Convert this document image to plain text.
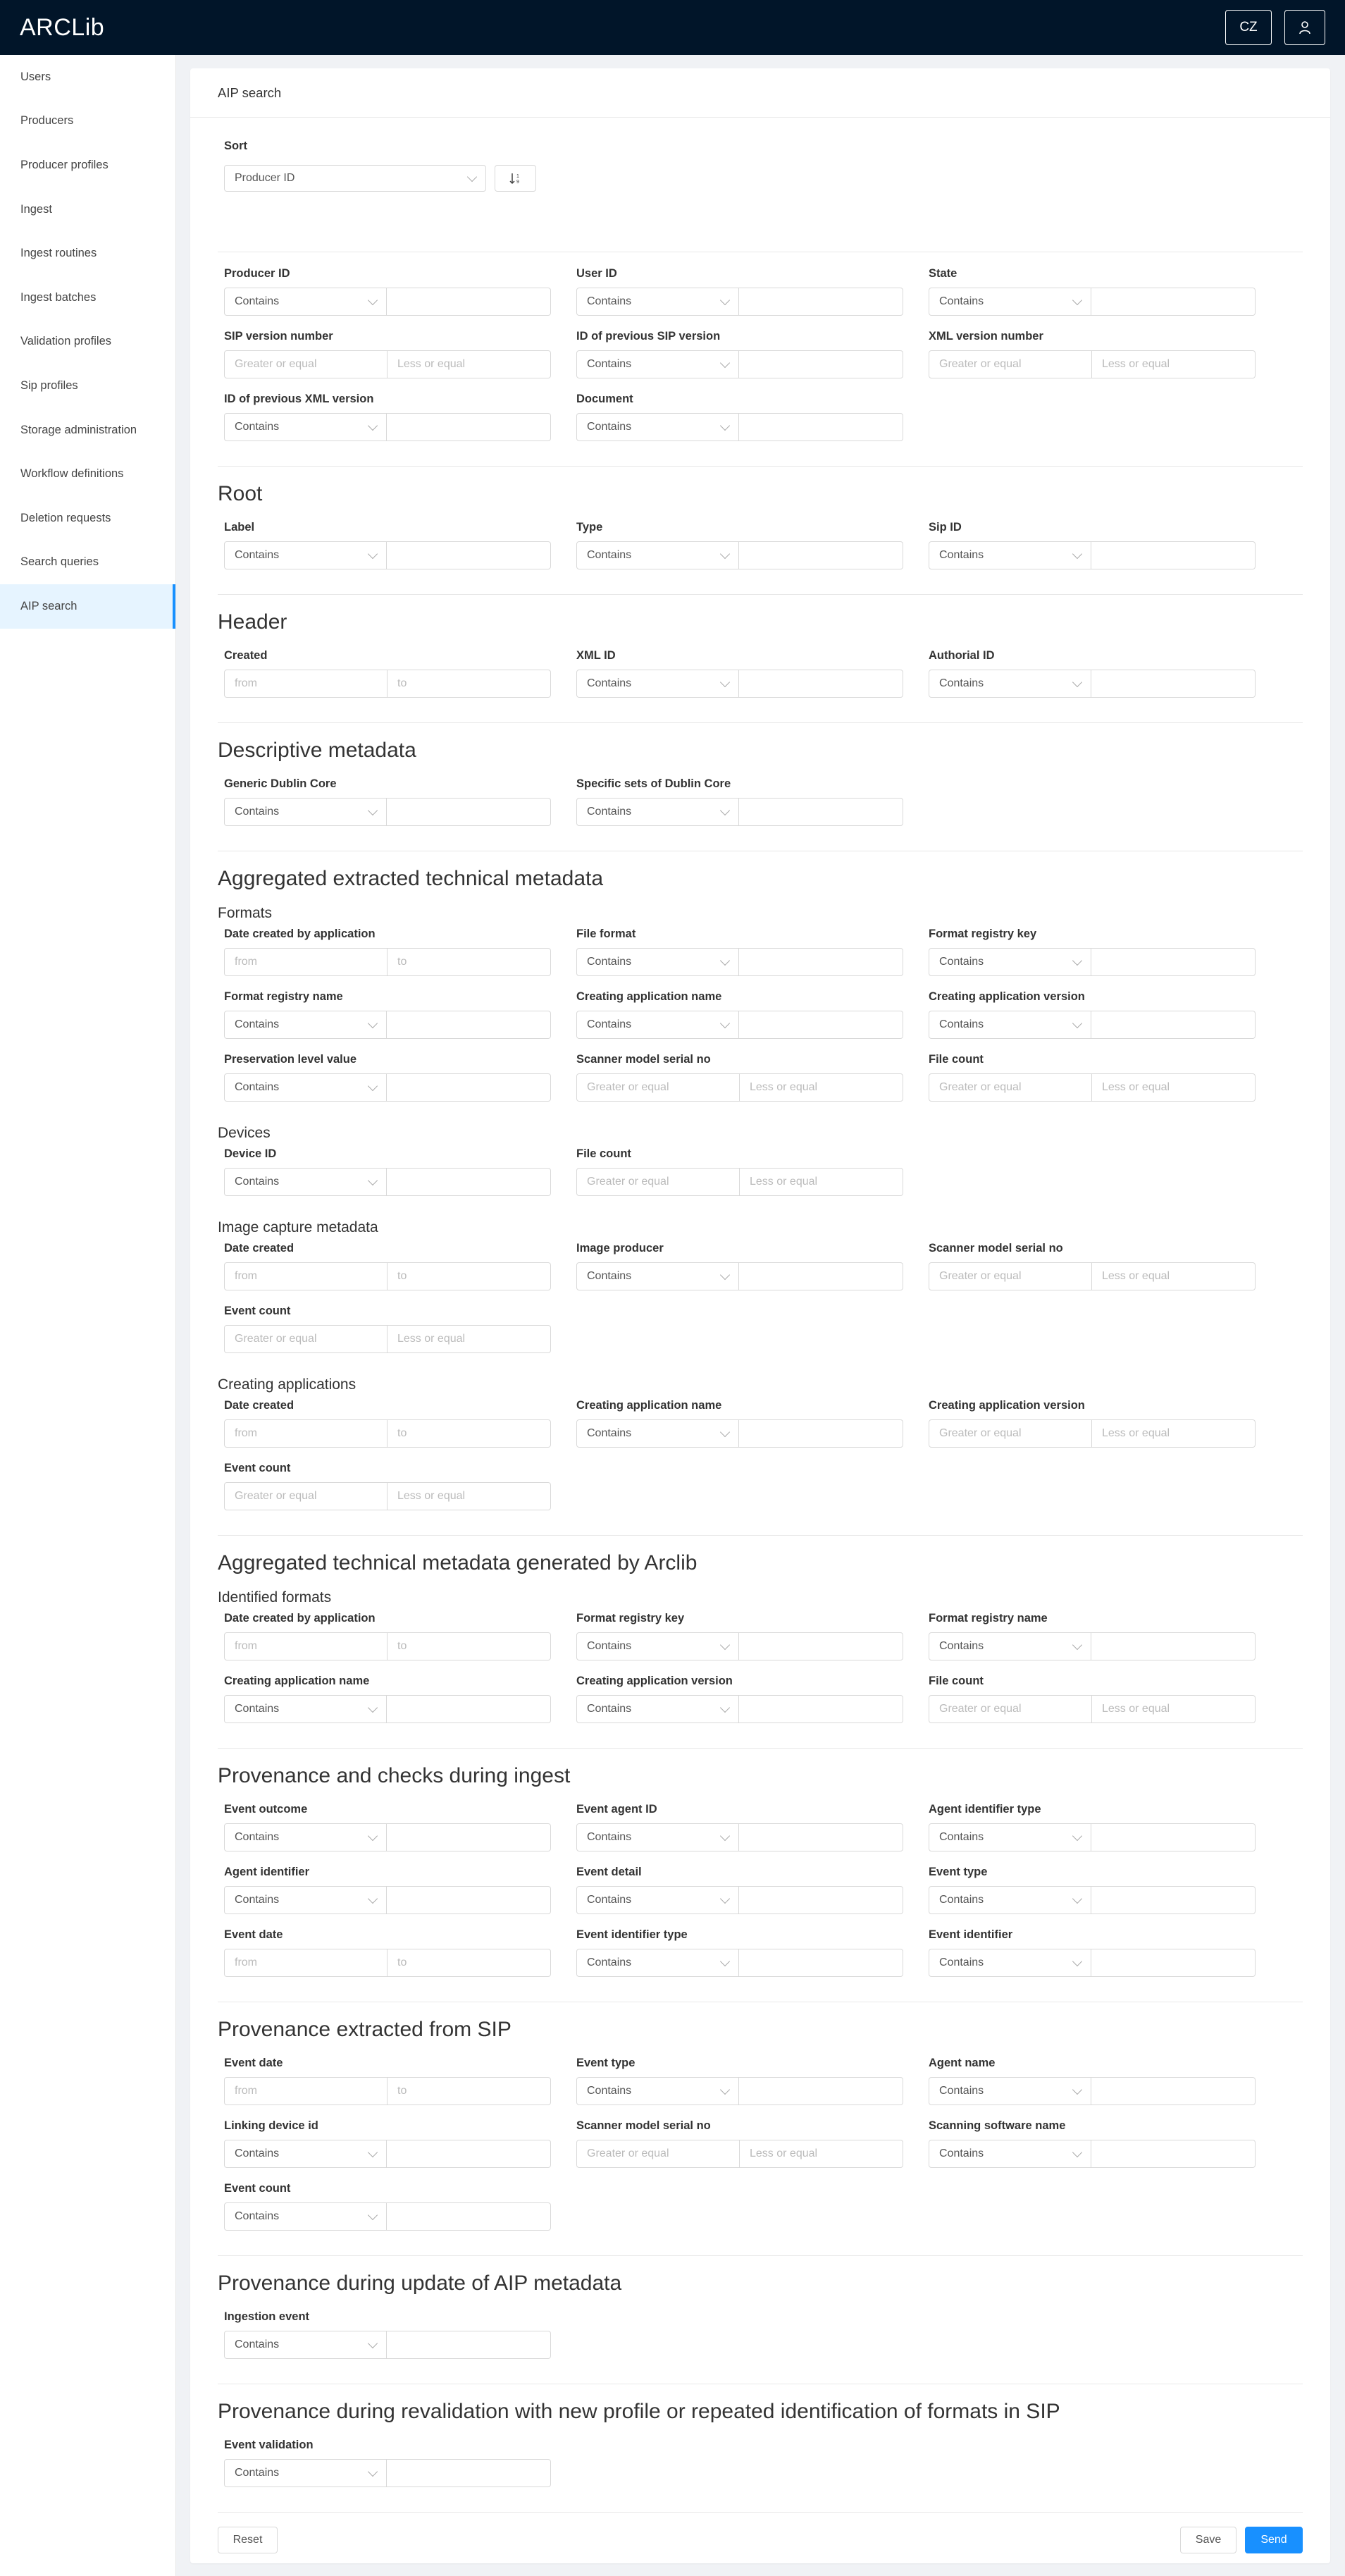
ARCLib	CZ
Users
Producers
Producer profiles
Ingest
Ingest routines
Ingest batches
Validation profiles
Sip profiles
Storage administration
Workflow definitions
Deletion requests
Search queries
AIP search
AIP search
Sort
Producer ID	1
9
Producer ID
Contains
User ID
Contains
State
Contains
SIP version number
Greater or equal	Less or equal
ID of previous SIP version
Contains
XML version number
Greater or equal	Less or equal
ID of previous XML version
Contains
Document
Contains
Root
Label
Contains
Type
Contains
Sip ID
Contains
Header
Created
from	to
XML ID
Contains
Authorial ID
Contains
Descriptive metadata
Generic Dublin Core
Contains
Specific sets of Dublin Core
Contains
Aggregated extracted technical metadata
Formats
Date created by application
from	to
File format
Contains
Format registry key
Contains
Format registry name
Contains
Creating application name
Contains
Creating application version
Contains
Preservation level value
Contains
Scanner model serial no
Greater or equal	Less or equal
File count
Greater or equal	Less or equal
Devices
Device ID
Contains
File count
Greater or equal	Less or equal
Image capture metadata
Date created
from	to
Image producer
Contains
Scanner model serial no
Greater or equal	Less or equal
Event count
Greater or equal	Less or equal
Creating applications
Date created
from	to
Creating application name
Contains
Creating application version
Greater or equal	Less or equal
Event count
Greater or equal	Less or equal
Aggregated technical metadata generated by Arclib
Identified formats
Date created by application
from	to
Format registry key
Contains
Format registry name
Contains
Creating application name
Contains
Creating application version
Contains
File count
Greater or equal	Less or equal
Provenance and checks during ingest
Event outcome
Contains
Event agent ID
Contains
Agent identifier type
Contains
Agent identifier
Contains
Event detail
Contains
Event type
Contains
Event date
from	to
Event identifier type
Contains
Event identifier
Contains
Provenance extracted from SIP
Event date
from	to
Event type
Contains
Agent name
Contains
Linking device id
Contains
Scanner model serial no
Greater or equal	Less or equal
Scanning software name
Contains
Event count
Contains
Provenance during update of AIP metadata
Ingestion event
Contains
Provenance during revalidation with new profile or repeated identification of formats in SIP
Event validation
Contains
Reset	Save	Send
